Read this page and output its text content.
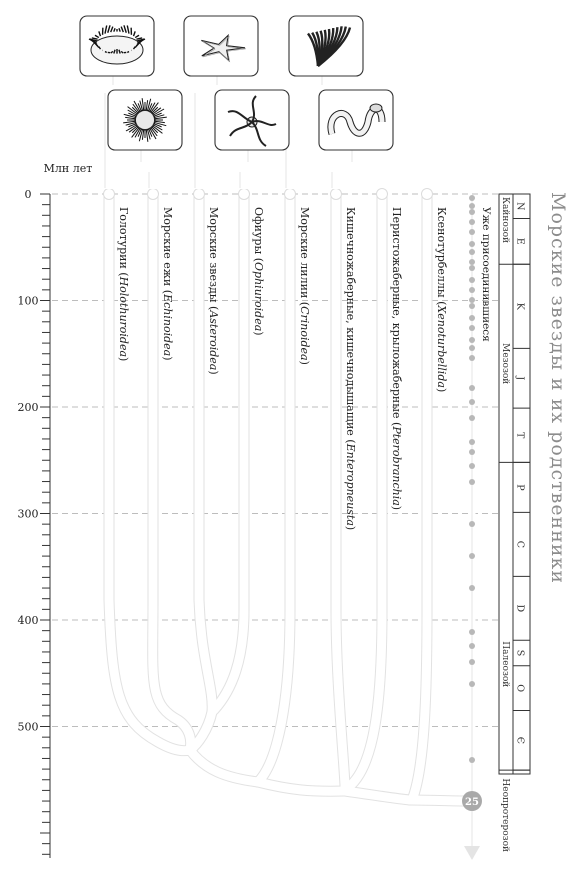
Млн лет
0
100
200
300
400
500
25
Уже присоединившиеся
Голотурии (Holothuroidea)
Морские ежи (Echinoidea)
Морские звезды (Asteroidea)
Офиуры (Ophiuroidea)
Морские лилии (Crinoidea)	Кишечножаберные, кишечнодышащие (Enteropneusta)
Перистожаберные, крыложаберные (Pterobranchia)
Ксенотурбеллы (Xenoturbellida)
N
E
K
J
T
P
C
D
S
O
Є
Кайнозой
Мезозой
Палеозой
Неопротерозой
Морские звезды и их родственники
